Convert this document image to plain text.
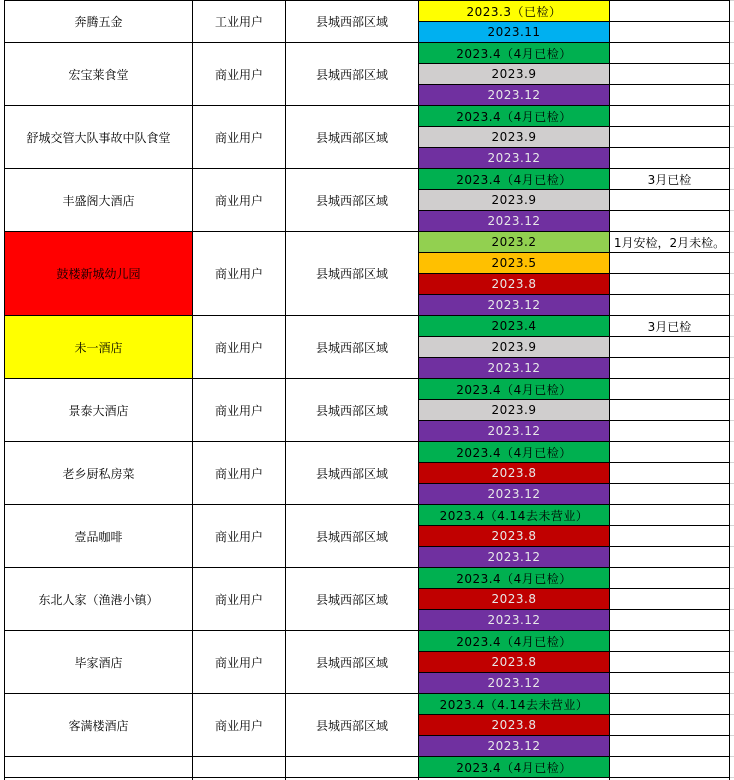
奔腾五金	工业用户	县城西部区域
2023.3（已检）
2023.11
宏宝莱食堂	商业用户	县城西部区域
2023.4（4月已检）
2023.9
2023.12
舒城交管大队事故中队食堂	商业用户	县城西部区域
2023.4（4月已检）
2023.9
2023.12
丰盛阁大酒店	商业用户	县城西部区域
2023.4（4月已检）	3月已检
2023.9
2023.12
鼓楼新城幼儿园	商业用户	县城西部区域
2023.2	1月安检，2月未检。
2023.5
2023.8
2023.12
未一酒店	商业用户	县城西部区域
2023.4	3月已检
2023.9
2023.12
景泰大酒店	商业用户	县城西部区域
2023.4（4月已检）
2023.9
2023.12
老乡厨私房菜	商业用户	县城西部区域
2023.4（4月已检）
2023.8
2023.12
壹品咖啡	商业用户	县城西部区域
2023.4（4.14去未营业）
2023.8
2023.12
东北人家（渔港小镇）	商业用户	县城西部区域
2023.4（4月已检）
2023.8
2023.12
毕家酒店	商业用户	县城西部区域
2023.4（4月已检）
2023.8
2023.12
客满楼酒店	商业用户	县城西部区域
2023.4（4.14去未营业）
2023.8
2023.12
2023.4（4月已检）
